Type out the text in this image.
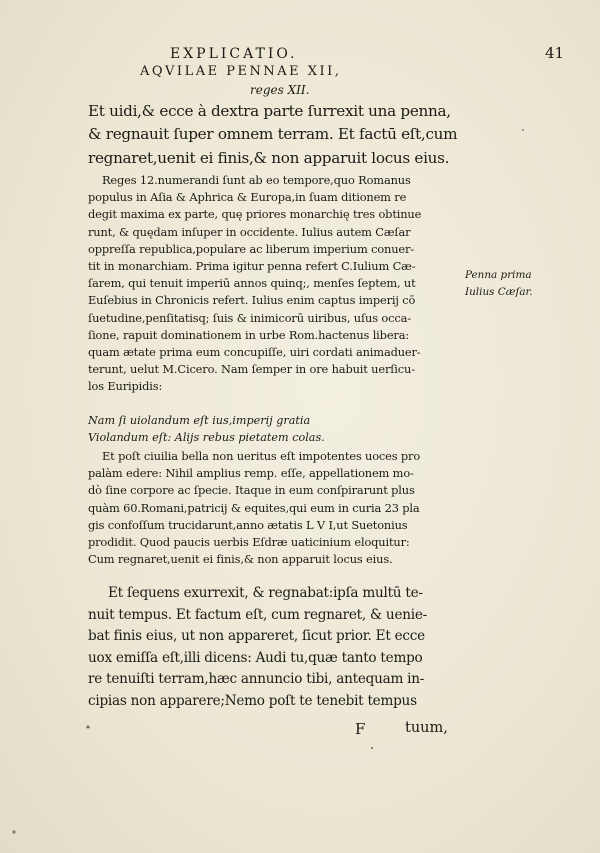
EXPLICATIO.	41
AQVILAE PENNAE XII,
reges XII.
Et uidi,& ecce à dextra parte ſurrexit una penna,
& regnauit ſuper omnem terram. Et factū eſt,cum
regnaret,uenit ei finis,& non apparuit locus eius.
Reges 12.numerandi ſunt ab eo tempore,quo Romanus
populus in Aſia & Aphrica & Europa,in ſuam ditionem re
degit maxima ex parte, quę priores monarchię tres obtinue
runt, & quędam inſuper in occidente. Iulius autem Cæſar
oppreſſa republica,populare ac liberum imperium conuer-
tit in monarchiam. Prima igitur penna refert C.Iulium Cæ-
ſarem, qui tenuit imperiū annos quinq;, menſes ſeptem, ut
Euſebius in Chronicis refert. Iulius enim captus imperij cō
ſuetudine,penſitatisq; ſuis & inimicorū uiribus, uſus occa-
ſione, rapuit dominationem in urbe Rom.hactenus libera:
quam ætate prima eum concupiſſe, uiri cordati animaduer-
terunt, uelut M.Cicero. Nam ſemper in ore habuit uerſicu-
los Euripidis:
Nam ſi uiolandum eſt ius,imperij gratia
Violandum eſt: Alijs rebus pietatem colas.
Et poſt ciuilia bella non ueritus eſt impotentes uoces pro
palàm edere: Nihil amplius remp. eſſe, appellationem mo-
dò ſine corpore ac ſpecie. Itaque in eum conſpirarunt plus
quàm 60.Romani,patricij & equites,qui eum in curia 23 pla
gis confoſſum trucidarunt,anno ætatis L V I,ut Suetonius
prodidit. Quod paucis uerbis Eſdræ uaticinium eloquitur:
Cum regnaret,uenit ei finis,& non apparuit locus eius.
Et ſequens exurrexit, & regnabat:ipſa multū te-
nuit tempus. Et factum eſt, cum regnaret, & uenie-
bat finis eius, ut non appareret, ſicut prior. Et ecce
uox emiſſa eſt,illi dicens: Audi tu,quæ tanto tempo
re tenuiſti terram,hæc annuncio tibi, antequam in-
cipias non apparere;Nemo poſt te tenebit tempus
Penna prima
Iulius Cæſar.
F	tuum,
